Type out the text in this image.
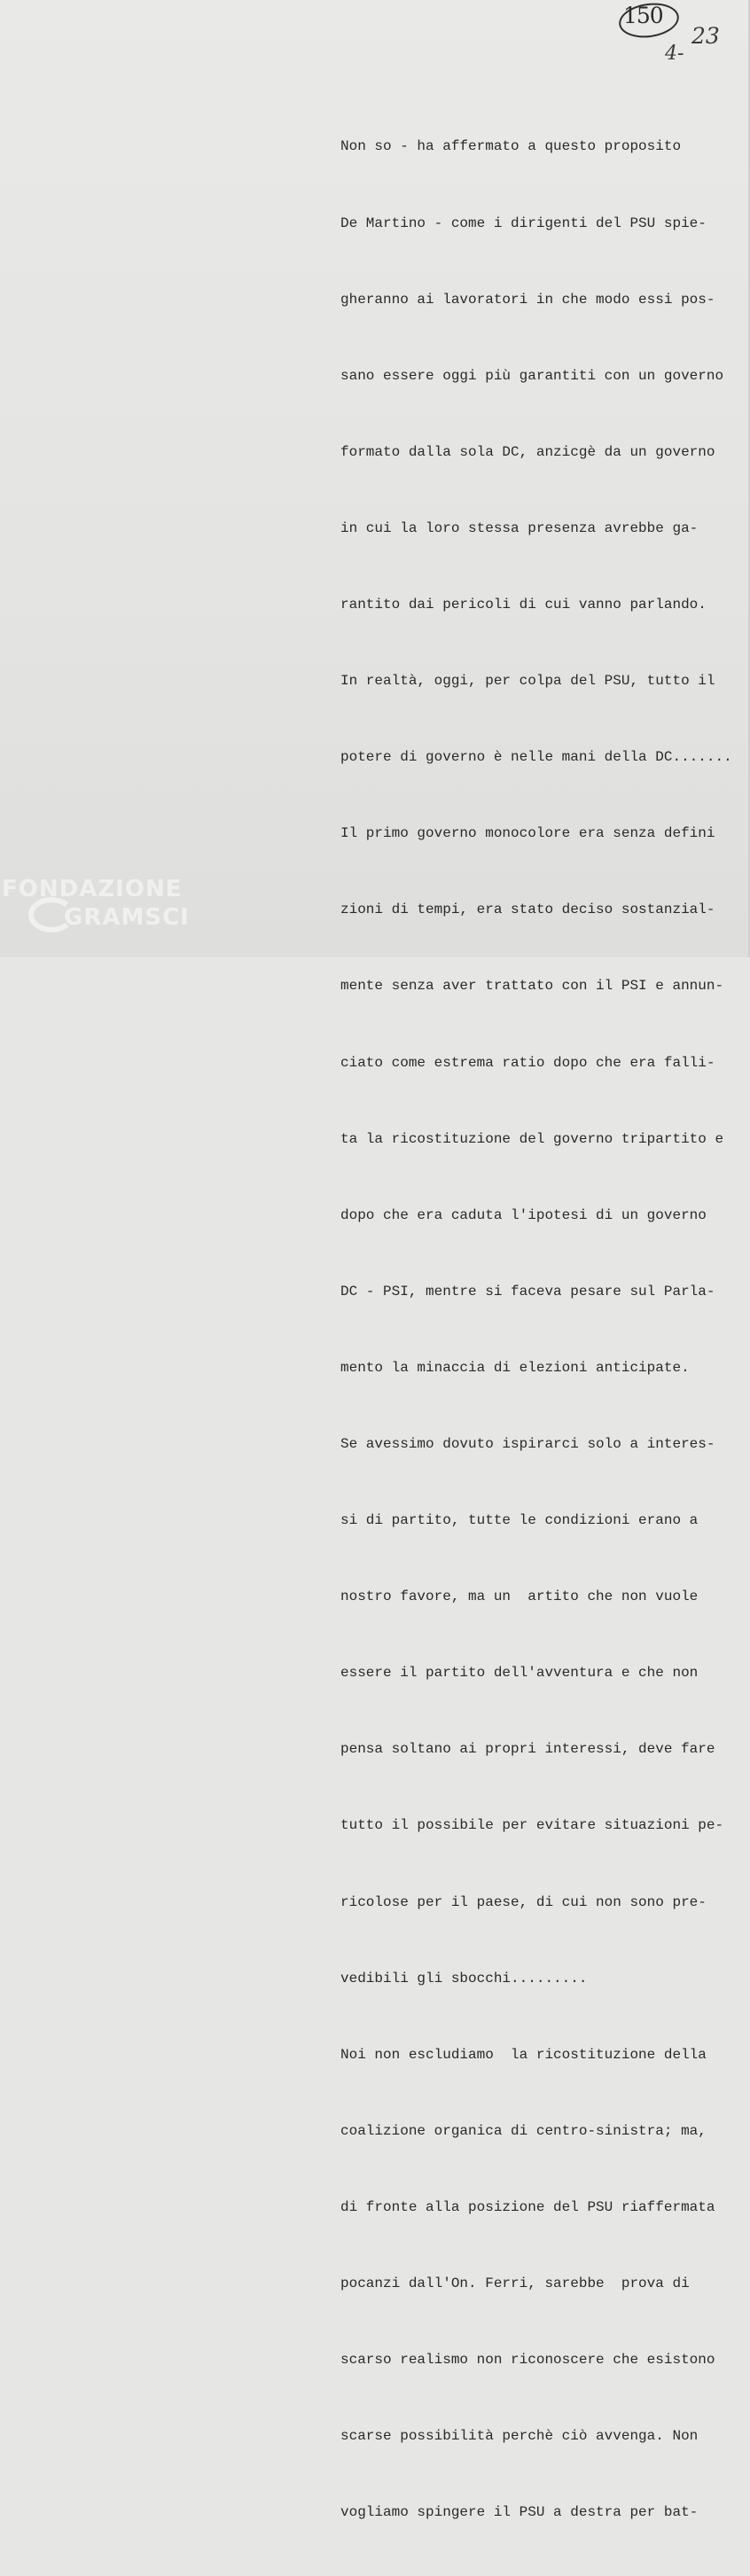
150
23
4-

Non so - ha affermato a questo proposito

De Martino - come i dirigenti del PSU spie-

gheranno ai lavoratori in che modo essi pos-

sano essere oggi più garantiti con un governo

formato dalla sola DC, anzicgè da un governo

in cui la loro stessa presenza avrebbe ga-

rantito dai pericoli di cui vanno parlando.

In realtà, oggi, per colpa del PSU, tutto il

potere di governo è nelle mani della DC.......

Il primo governo monocolore era senza defini

zioni di tempi, era stato deciso sostanzial-

mente senza aver trattato con il PSI e annun-

ciato come estrema ratio dopo che era falli-

ta la ricostituzione del governo tripartito e

dopo che era caduta l'ipotesi di un governo

DC - PSI, mentre si faceva pesare sul Parla-

mento la minaccia di elezioni anticipate.

Se avessimo dovuto ispirarci solo a interes-

si di partito, tutte le condizioni erano a

nostro favore, ma un  artito che non vuole

essere il partito dell'avventura e che non

pensa soltano ai propri interessi, deve fare

tutto il possibile per evitare situazioni pe-

ricolose per il paese, di cui non sono pre-

vedibili gli sbocchi.........

Noi non escludiamo  la ricostituzione della

coalizione organica di centro-sinistra; ma,

di fronte alla posizione del PSU riaffermata

pocanzi dall'On. Ferri, sarebbe  prova di

scarso realismo non riconoscere che esistono

scarse possibilità perchè ciò avvenga. Non

vogliamo spingere il PSU a destra per bat-

FONDAZIONE
GRAMSCI
